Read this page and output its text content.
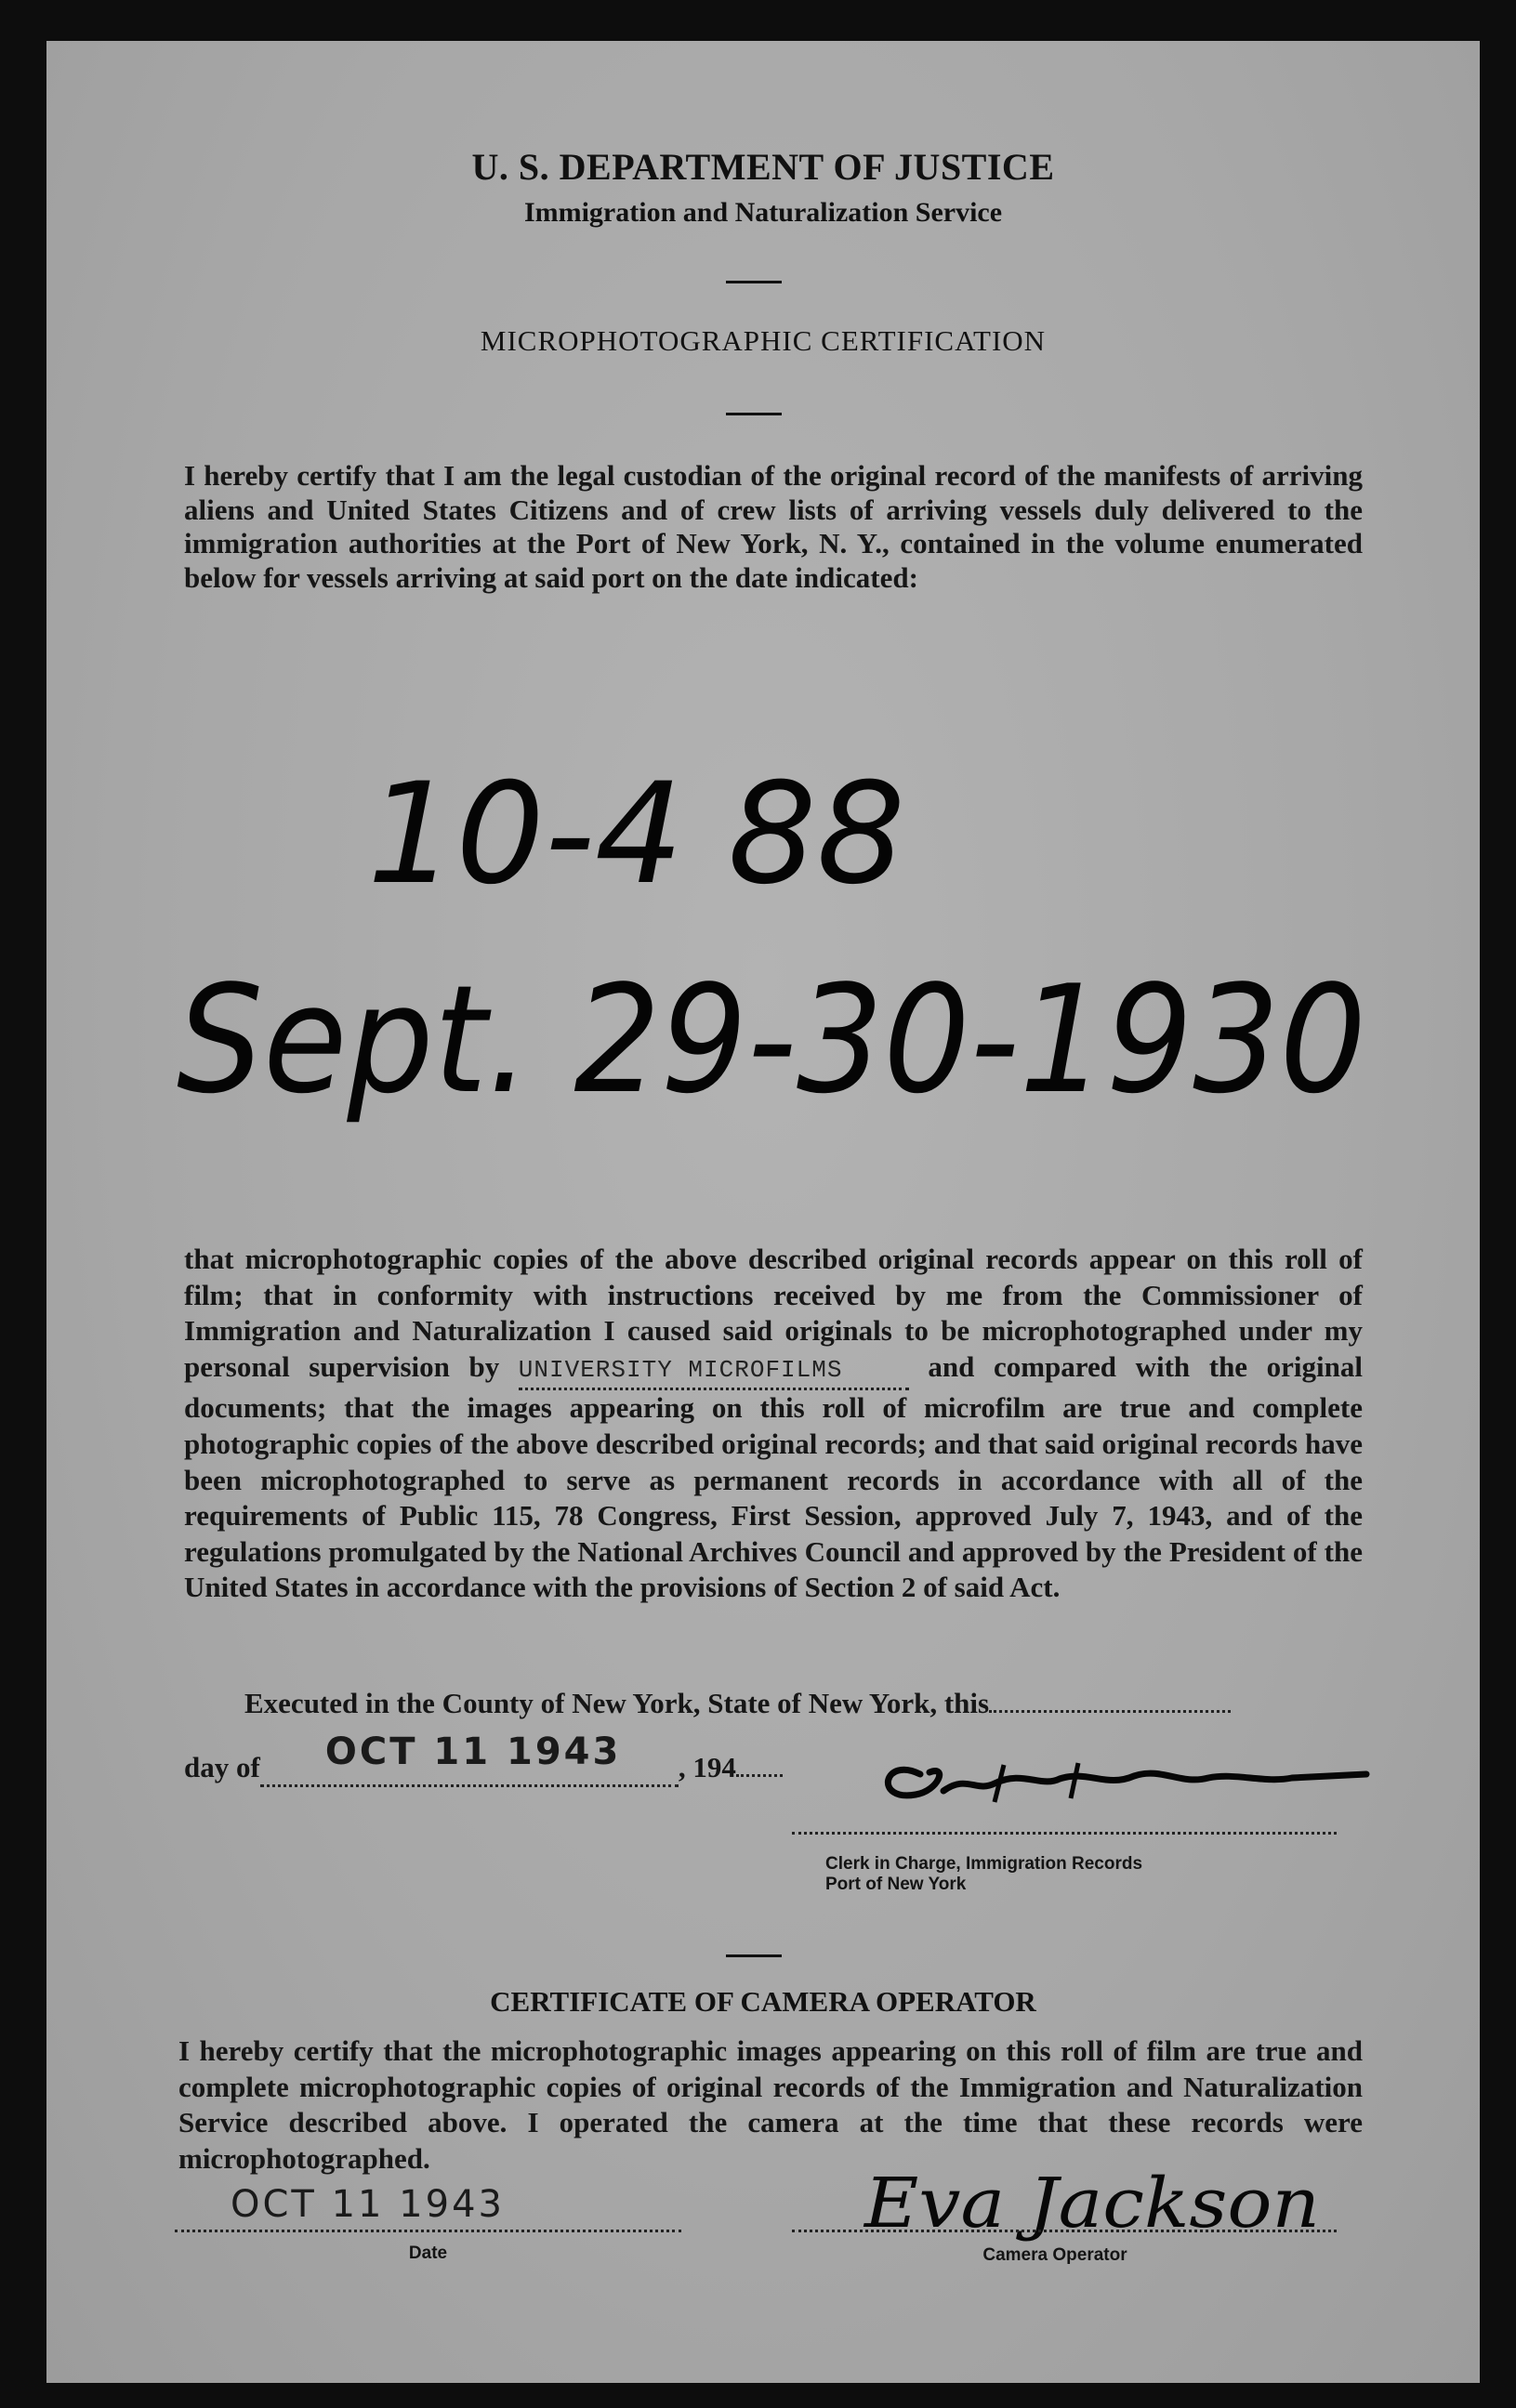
U. S. DEPARTMENT OF JUSTICE
Immigration and Naturalization Service
MICROPHOTOGRAPHIC CERTIFICATION
I hereby certify that I am the legal custodian of the original record of the manifests of arriving aliens and United States Citizens and of crew lists of arriving vessels duly delivered to the immigration authorities at the Port of New York, N. Y., contained in the volume enumerated below for vessels arriving at said port on the date indicated:
10-4 88
Sept. 29-30-1930
that microphotographic copies of the above described original records appear on this roll of film; that in conformity with instructions received by me from the Commissioner of Immigration and Naturalization I caused said originals to be microphotographed under my personal supervision by UNIVERSITY MICROFILMS	and compared with the original documents; that the images appearing on this roll of microfilm are true and complete photographic copies of the above described original records; and that said original records have been microphotographed to serve as permanent records in accordance with all of the requirements of Public 115, 78 Congress, First Session, approved July 7, 1943, and of the regulations promulgated by the National Archives Council and approved by the President of the United States in accordance with the provisions of Section 2 of said Act.
Executed in the County of New York, State of New York, this
day of OCT 11 1943 , 194
Clerk in Charge, Immigration Records
Port of New York
CERTIFICATE OF CAMERA OPERATOR
I hereby certify that the microphotographic images appearing on this roll of film are true and complete microphotographic copies of original records of the Immigration and Naturalization Service described above. I operated the camera at the time that these records were microphotographed.
OCT 11 1943
Date
Eva Jackson
Camera Operator
